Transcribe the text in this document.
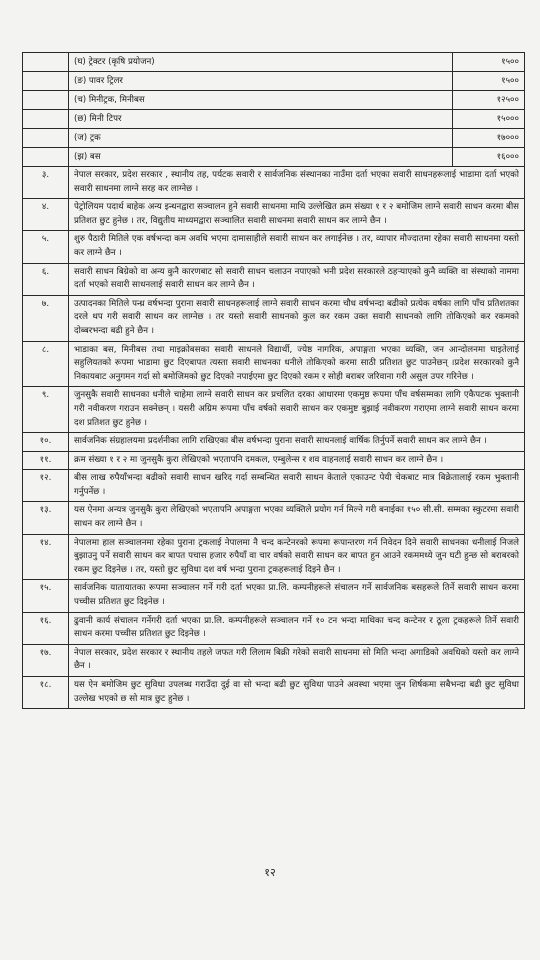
	(घ) ट्रेक्टर (कृषि प्रयोजन)	१५००
	(ङ) पावर ट्रिलर	१५००
	(च) मिनीट्रक, मिनीबस	१२५००
	(छ) मिनी टिपर	१५०००
	(ज) ट्रक	१७०००
	(झ) बस	१६०००
३.	नेपाल सरकार, प्रदेश सरकार , स्थानीय तह, पर्यटक सवारी र सार्वजनिक संस्थानका नाउँमा दर्ता भएका सवारी साधनहरूलाई भाडामा दर्ता भएको सवारी साधनमा लाग्ने सरह कर लाग्नेछ ।	
४.	पेट्रोलियम पदार्थ बाहेक अन्य इन्धनद्वारा सञ्चालन हुने सवारी साधनमा माथि उल्लेखित क्रम संख्या १ र २ बमोजिम लाग्ने सवारी साधन करमा बीस प्रतिशत छुट हुनेछ । तर, विद्युतीय माध्यमद्वारा सञ्चालित सवारी साधनमा सवारी साधन कर लाग्ने छैन ।	
५.	शुरु पैठारी मितिले एक वर्षभन्दा कम अवधि भएमा दामासाहीले सवारी साधन कर लगाईनेछ । तर, व्यापार मौज्दातमा रहेका सवारी साधनमा यस्तो कर लाग्ने छैन ।	
६.	सवारी साधन बिग्रेको वा अन्य कुनै कारणबाट सो सवारी साधन चलाउन नपाएको भनी प्रदेश सरकारले ठहऱ्याएको कुनै व्यक्ति वा संस्थाको नाममा दर्ता भएको सवारी साधनलाई सवारी साधन कर लाग्ने छैन ।	
७.	उत्पादनका मितिले पन्ध्र वर्षभन्दा पुराना सवारी साधनहरूलाई लाग्ने सवारी साधन करमा चौध वर्षभन्दा बढीको प्रत्येक वर्षका लागि पाँच प्रतिशतका दरले थप गरी सवारी साधन कर लाग्नेछ । तर यस्तो सवारी साधनको कुल कर रकम उक्त सवारी साधनको लागि तोकिएको कर रकमको दोब्बरभन्दा बढी हुने छैन ।	
८.	भाडाका बस, मिनीबस तथा माइक्रोबसका सवारी साधनले विद्यार्थी, ज्येष्ठ नागरिक, अपाङ्गता भएका व्यक्ति, जन आन्दोलनमा घाइतेलाई सहुलियतको रूपमा भाडामा छुट दिएबापत त्यस्ता सवारी साधनका धनीले तोकिएको करमा साठी प्रतिशत छुट पाउनेछन् ।प्रदेश सरकारको कुनै निकायबाट अनुगमन गर्दा सो बमोजिमको छुट दिएको नपाईएमा छुट दिएको रकम र सोही बराबर जरिवाना गरी असुल उपर गरिनेछ ।	
९.	जुनसुकै सवारी साधनका धनीले चाहेमा लाग्ने सवारी साधन कर प्रचलित दरका आधारमा एकमुष्ठ रूपमा पाँच वर्षसम्मका लागि एकैपटक भुक्तानी गरी नवीकरण गराउन सक्नेछन् । यसरी अग्रिम रूपमा पाँच वर्षको सवारी साधन कर एकमुष्ट बुझाई नवीकरण गराएमा लाग्ने सवारी साधन करमा दश प्रतिशत छुट हुनेछ ।	
१०.	सार्वजनिक संग्रहालयमा प्रदर्शनीका लागि राखिएका बीस वर्षभन्दा पुराना सवारी साधनलाई वार्षिक तिर्नुपर्ने सवारी साधन कर लाग्ने छैन ।	
११.	क्रम संख्या १ र २ मा जुनसुकै कुरा लेखिएको भएतापनि दमकल, एम्बुलेन्स र शव वाहनलाई सवारी साधन कर लाग्ने छैन ।	
१२.	बीस लाख रुपैयाँभन्दा बढीको सवारी साधन खरिद गर्दा सम्बन्धित सवारी साधन केताले एकाउन्ट पेयी चेकबाट मात्र बिक्रेतालाई रकम भुक्तानी गर्नुपर्नेछ ।	
१३.	यस ऐनमा अन्यत्र जुनसुकै कुरा लेखिएको भएतापनि अपाङ्गता भएका व्यक्तिले प्रयोग गर्न मिल्ने गरी बनाईका १५० सी.सी. सम्मका स्कुटरमा सवारी साधन कर लाग्ने छैन ।	
१४.	नेपालमा हाल सञ्चालनमा रहेका पुराना ट्रकलाई नेपालमा नै चन्द कन्टेनरको रूपमा रूपान्तरण गर्न निवेदन दिने सवारी साधनका धनीलाई निजले बुझाउनु पर्ने सवारी साधन कर बापत पचास हजार रुपैयाँ वा चार वर्षको सवारी साधन कर बापत हुन आउने रकममध्ये जुन घटी हुन्छ सो बराबरको रकम छुट दिइनेछ । तर, यस्तो छुट सुविधा दश वर्ष भन्दा पुराना ट्रकहरूलाई दिइने छैन ।	
१५.	सार्वजनिक यातायातका रूपमा सञ्चालन गर्ने गरी दर्ता भएका प्रा.लि. कम्पनीहरूले संचालन गर्ने सार्वजनिक बसहरूले तिर्ने सवारी साधन करमा पच्चीस प्रतिशत छुट दिइनेछ ।	
१६.	ढुवानी कार्य संचालन गर्नेगरी दर्ता भएका प्रा.लि. कम्पनीहरूले सञ्चालन गर्ने १० टन भन्दा माथिका चन्द कन्टेनर र ठूला ट्रकहरूले तिर्ने सवारी साधन करमा पच्चीस प्रतिशत छुट दिइनेछ ।	
१७.	नेपाल सरकार, प्रदेश सरकार र स्थानीय तहले जफत गरी लिलाम बिक्री गरेको सवारी साधनमा सो मिति भन्दा अगाडिको अवधिको यस्तो कर लाग्ने छैन ।	
१८.	यस ऐन बमोजिम छुट सुविधा उपलब्ध गराउँदा दुई वा सो भन्दा बढी छुट सुविधा पाउने अवस्था भएमा जुन शिर्षकमा सबैभन्दा बढी छुट सुविधा उल्लेख भएको छ सो मात्र छुट हुनेछ ।	
१२
